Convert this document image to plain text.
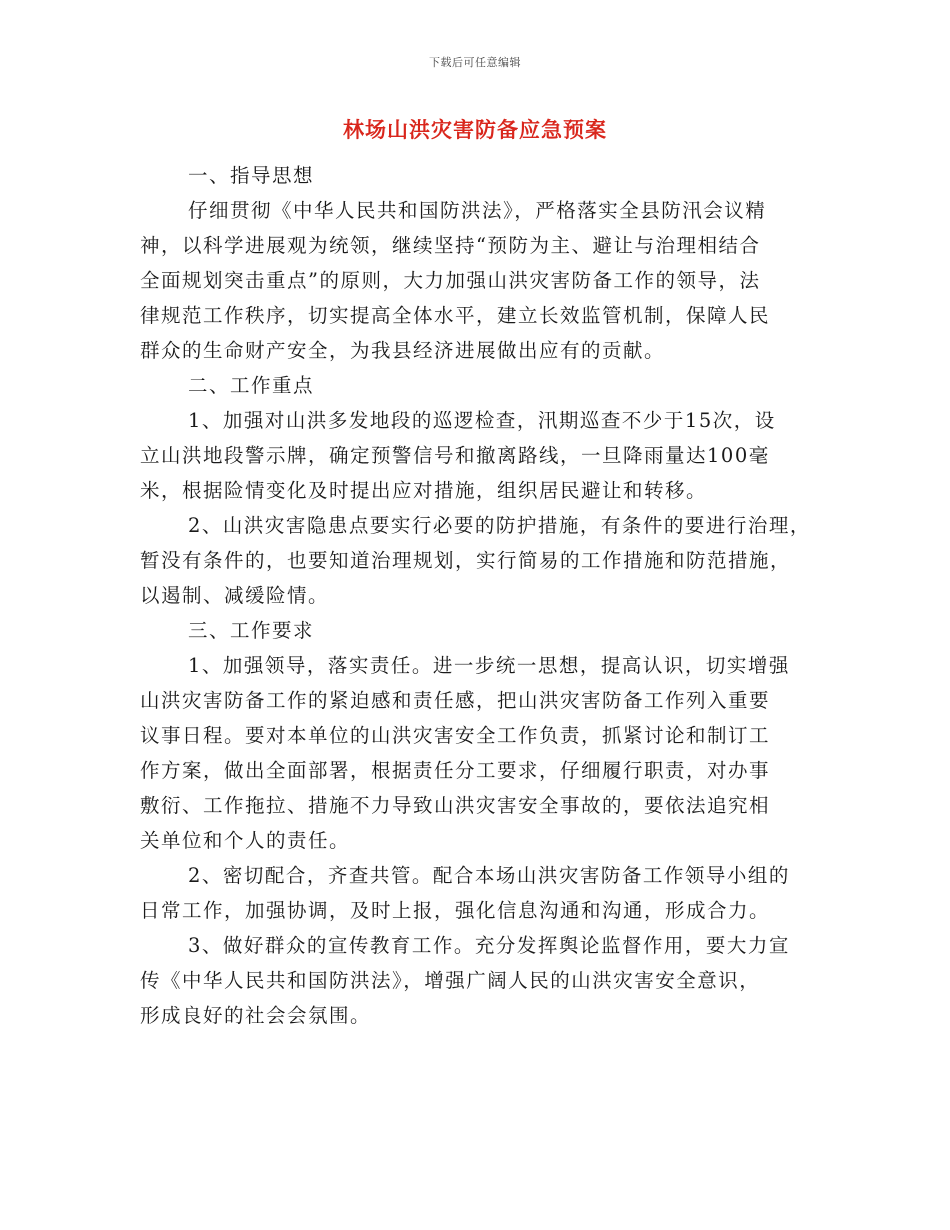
下载后可任意编辑
林场山洪灾害防备应急预案
一、指导思想
仔细贯彻《中华人民共和国防洪法》，严格落实全县防汛会议精
神，以科学进展观为统领，继续坚持“预防为主、避让与治理相结合
全面规划突击重点”的原则，大力加强山洪灾害防备工作的领导，法
律规范工作秩序，切实提高全体水平，建立长效监管机制，保障人民
群众的生命财产安全，为我县经济进展做出应有的贡献。
二、工作重点
1、加强对山洪多发地段的巡逻检查，汛期巡查不少于15次，设
立山洪地段警示牌，确定预警信号和撤离路线，一旦降雨量达100毫
米，根据险情变化及时提出应对措施，组织居民避让和转移。
2、山洪灾害隐患点要实行必要的防护措施，有条件的要进行治理，
暂没有条件的，也要知道治理规划，实行简易的工作措施和防范措施，
以遏制、减缓险情。
三、工作要求
1、加强领导，落实责任。进一步统一思想，提高认识，切实增强
山洪灾害防备工作的紧迫感和责任感，把山洪灾害防备工作列入重要
议事日程。要对本单位的山洪灾害安全工作负责，抓紧讨论和制订工
作方案，做出全面部署，根据责任分工要求，仔细履行职责，对办事
敷衍、工作拖拉、措施不力导致山洪灾害安全事故的，要依法追究相
关单位和个人的责任。
2、密切配合，齐查共管。配合本场山洪灾害防备工作领导小组的
日常工作，加强协调，及时上报，强化信息沟通和沟通，形成合力。
3、做好群众的宣传教育工作。充分发挥舆论监督作用，要大力宣
传《中华人民共和国防洪法》，增强广阔人民的山洪灾害安全意识，
形成良好的社会会氛围。
